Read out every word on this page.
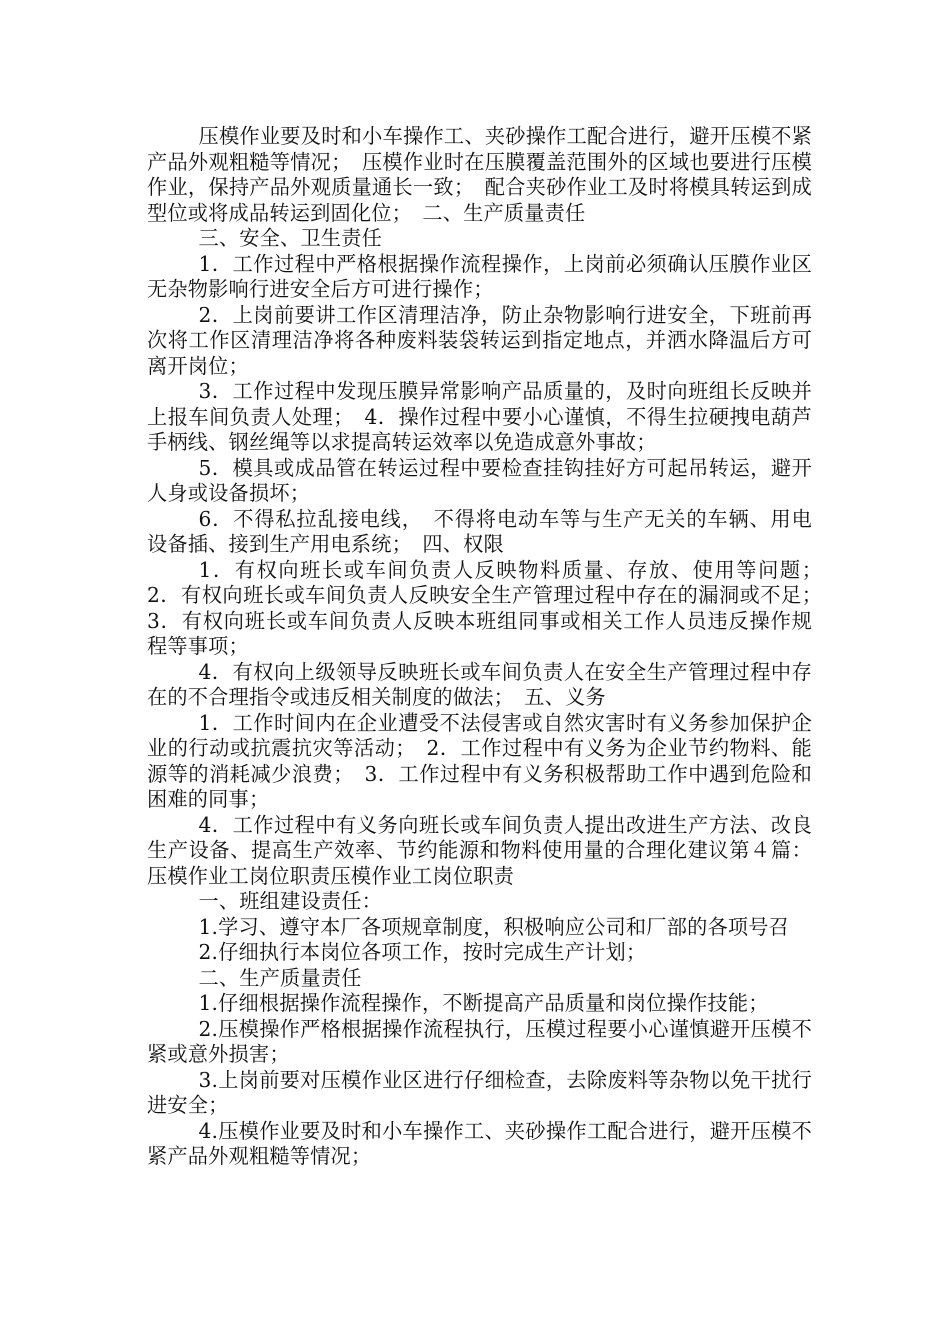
压模作业要及时和小车操作工、夹砂操作工配合进行，避开压模不紧产品外观粗糙等情况；　压模作业时在压膜覆盖范围外的区域也要进行压模作业，保持产品外观质量通长一致；　配合夹砂作业工及时将模具转运到成型位或将成品转运到固化位；　二、生产质量责任

三、安全、卫生责任

1．工作过程中严格根据操作流程操作，上岗前必须确认压膜作业区无杂物影响行进安全后方可进行操作；

2．上岗前要讲工作区清理洁净，防止杂物影响行进安全，下班前再次将工作区清理洁净将各种废料装袋转运到指定地点，并洒水降温后方可离开岗位；

3．工作过程中发现压膜异常影响产品质量的，及时向班组长反映并上报车间负责人处理；　4．操作过程中要小心谨慎，不得生拉硬拽电葫芦手柄线、钢丝绳等以求提高转运效率以免造成意外事故；

5．模具或成品管在转运过程中要检查挂钩挂好方可起吊转运，避开人身或设备损坏；

6．不得私拉乱接电线，　不得将电动车等与生产无关的车辆、用电设备插、接到生产用电系统；　四、权限

1．有权向班长或车间负责人反映物料质量、存放、使用等问题；　2．有权向班长或车间负责人反映安全生产管理过程中存在的漏洞或不足；　3．有权向班长或车间负责人反映本班组同事或相关工作人员违反操作规程等事项；

4．有权向上级领导反映班长或车间负责人在安全生产管理过程中存在的不合理指令或违反相关制度的做法；　五、义务

1．工作时间内在企业遭受不法侵害或自然灾害时有义务参加保护企业的行动或抗震抗灾等活动；　2．工作过程中有义务为企业节约物料、能源等的消耗减少浪费；　3．工作过程中有义务积极帮助工作中遇到危险和困难的同事；

4．工作过程中有义务向班长或车间负责人提出改进生产方法、改良生产设备、提高生产效率、节约能源和物料使用量的合理化建议第４篇：压模作业工岗位职责压模作业工岗位职责

一、班组建设责任：

1.学习、遵守本厂各项规章制度，积极响应公司和厂部的各项号召

2.仔细执行本岗位各项工作，按时完成生产计划；

二、生产质量责任

1.仔细根据操作流程操作，不断提高产品质量和岗位操作技能；

2.压模操作严格根据操作流程执行，压模过程要小心谨慎避开压模不紧或意外损害；

3.上岗前要对压模作业区进行仔细检查，去除废料等杂物以免干扰行进安全；

4.压模作业要及时和小车操作工、夹砂操作工配合进行，避开压模不紧产品外观粗糙等情况；
